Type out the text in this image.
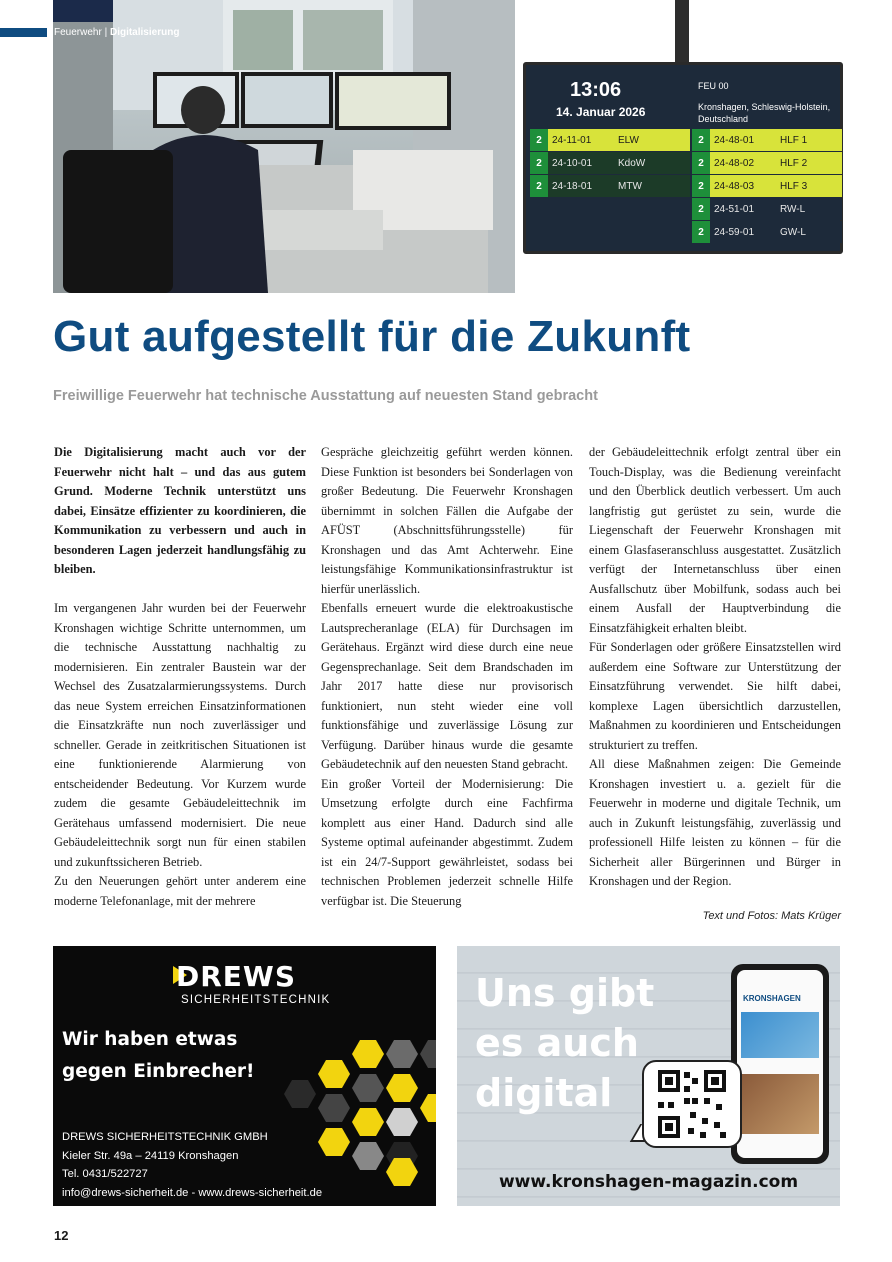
Feuerwehr | Digitalisierung
13:06
14. Januar 2026
FEU 00
Kronshagen, Schleswig-Holstein, Deutschland
2	24-11-01	ELW
2	24-10-01	KdoW
2	24-18-01	MTW
2	24-48-01	HLF 1
2	24-48-02	HLF 2
2	24-48-03	HLF 3
2	24-51-01	RW-L
2	24-59-01	GW-L
Gut aufgestellt für die Zukunft
Freiwillige Feuerwehr hat technische Ausstattung auf neuesten Stand gebracht

Die Digitalisierung macht auch vor der Feuerwehr nicht halt – und das aus gutem Grund. Moderne Technik unterstützt uns dabei, Einsätze effizienter zu koordinieren, die Kommunikation zu verbessern und auch in besonderen Lagen jederzeit handlungsfähig zu bleiben.

Im vergangenen Jahr wurden bei der Feuerwehr Kronshagen wichtige Schritte unternommen, um die technische Ausstattung nachhaltig zu modernisieren. Ein zentraler Baustein war der Wechsel des Zusatzalarmierungssystems. Durch das neue System erreichen Einsatzinformationen die Einsatzkräfte nun noch zuverlässiger und schneller. Gerade in zeitkritischen Situationen ist eine funktionierende Alarmierung von entscheidender Bedeutung. Vor Kurzem wurde zudem die gesamte Gebäudeleittechnik im Gerätehaus umfassend modernisiert. Die neue Gebäudeleittechnik sorgt nun für einen stabilen und zukunftssicheren Betrieb.

Zu den Neuerungen gehört unter anderem eine moderne Telefonanlage, mit der mehrere

Gespräche gleichzeitig geführt werden können. Diese Funktion ist besonders bei Sonderlagen von großer Bedeutung. Die Feuerwehr Kronshagen übernimmt in solchen Fällen die Aufgabe der AFÜST (Abschnittsführungsstelle) für Kronshagen und das Amt Achterwehr. Eine leistungsfähige Kommunikationsinfrastruktur ist hierfür unerlässlich.

Ebenfalls erneuert wurde die elektroakustische Lautsprecheranlage (ELA) für Durchsagen im Gerätehaus. Ergänzt wird diese durch eine neue Gegensprechanlage. Seit dem Brandschaden im Jahr 2017 hatte diese nur provisorisch funktioniert, nun steht wieder eine voll funktionsfähige und zuverlässige Lösung zur Verfügung. Darüber hinaus wurde die gesamte Gebäudetechnik auf den neuesten Stand gebracht.

Ein großer Vorteil der Modernisierung: Die Umsetzung erfolgte durch eine Fachfirma komplett aus einer Hand. Dadurch sind alle Systeme optimal aufeinander abgestimmt. Zudem ist ein 24/7-Support gewährleistet, sodass bei technischen Problemen jederzeit schnelle Hilfe verfügbar ist. Die Steuerung

der Gebäudeleittechnik erfolgt zentral über ein Touch-Display, was die Bedienung vereinfacht und den Überblick deutlich verbessert. Um auch langfristig gut gerüstet zu sein, wurde die Liegenschaft der Feuerwehr Kronshagen mit einem Glasfaseranschluss ausgestattet. Zusätzlich verfügt der Internetanschluss über einen Ausfallschutz über Mobilfunk, sodass auch bei einem Ausfall der Hauptverbindung die Einsatzfähigkeit erhalten bleibt.

Für Sonderlagen oder größere Einsatzstellen wird außerdem eine Software zur Unterstützung der Einsatzführung verwendet. Sie hilft dabei, komplexe Lagen übersichtlich darzustellen, Maßnahmen zu koordinieren und Entscheidungen strukturiert zu treffen.

All diese Maßnahmen zeigen: Die Gemeinde Kronshagen investiert u. a. gezielt für die Feuerwehr in moderne und digitale Technik, um auch in Zukunft leistungsfähig, zuverlässig und professionell Hilfe leisten zu können – für die Sicherheit aller Bürgerinnen und Bürger in Kronshagen und der Region.

Text und Fotos: Mats Krüger
DREWS
SICHERHEITSTECHNIK
Wir haben etwas
gegen Einbrecher!
DREWS SICHERHEITSTECHNIK GMBH
Kieler Str. 49a – 24119 Kronshagen
Tel. 0431/522727
info@drews-sicherheit.de - www.drews-sicherheit.de
Uns gibt
es auch
digital
KRONSHAGEN
www.kronshagen-magazin.com
12
